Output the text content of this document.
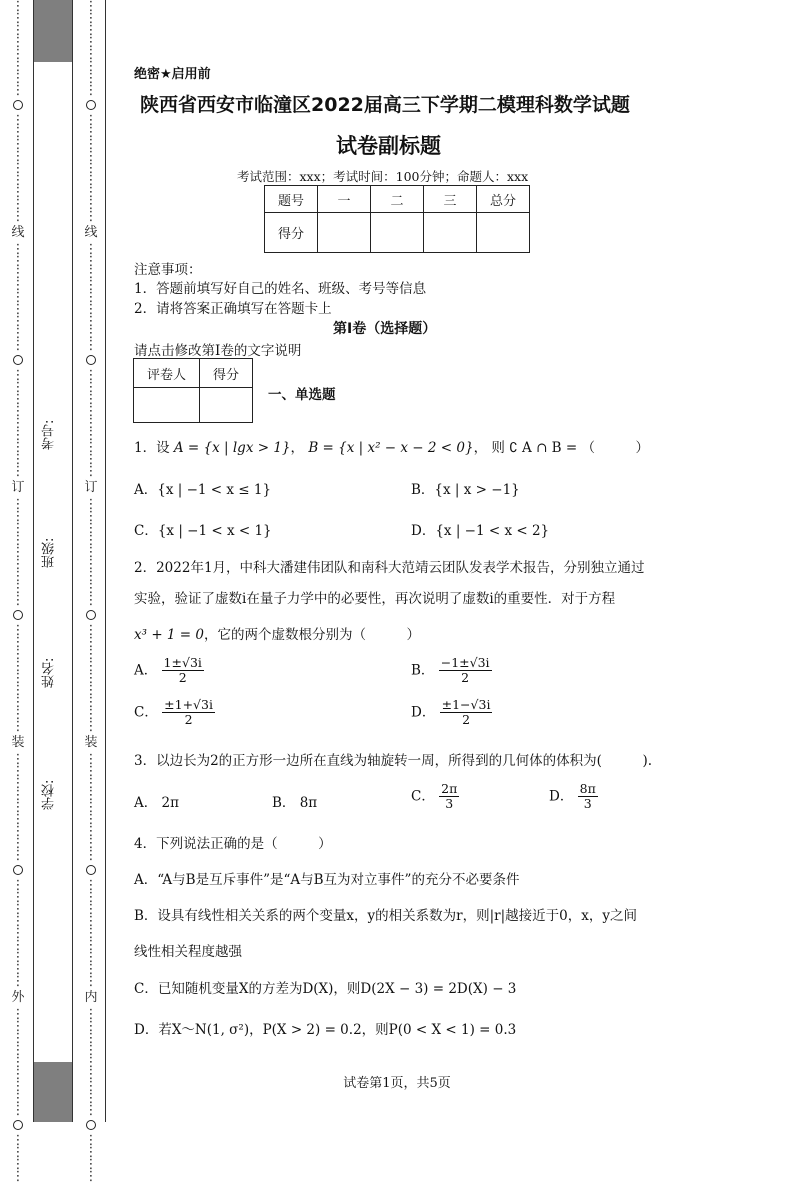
⋮
⋮
⋮
⋮
⋮
⋮
⋮
⋮
⋮
⋮
⋮
⋮
⋮
⋮
⋮
⋮
⋮
线
⋮
⋮
⋮
⋮
⋮
⋮
⋮
⋮
⋮
⋮
⋮
⋮
⋮
⋮
⋮
⋮
⋮
⋮
订
⋮
⋮
⋮
⋮
⋮
⋮
⋮
⋮
⋮
⋮
⋮
⋮
⋮
⋮
⋮
⋮
⋮
⋮
装
⋮
⋮
⋮
⋮
⋮
⋮
⋮
⋮
⋮
⋮
⋮
⋮
⋮
⋮
⋮
⋮
⋮
⋮
外
⋮
⋮
⋮
⋮
⋮
⋮
⋮
⋮
⋮
⋮
⋮
⋮
⋮
⋮
⋮
⋮
⋮
⋮
⋮
⋮
⋮
⋮
⋮
⋮
⋮
⋮
⋮
⋮
⋮
⋮
线
⋮
⋮
⋮
⋮
⋮
⋮
⋮
⋮
⋮
⋮
⋮
⋮
⋮
⋮
⋮
⋮
⋮
⋮
订
⋮
⋮
⋮
⋮
⋮
⋮
⋮
⋮
⋮
⋮
⋮
⋮
⋮
⋮
⋮
⋮
⋮
⋮
装
⋮
⋮
⋮
⋮
⋮
⋮
⋮
⋮
⋮
⋮
⋮
⋮
⋮
⋮
⋮
⋮
⋮
⋮
内
⋮
⋮
⋮
⋮
⋮
⋮
⋮
⋮
⋮
⋮
⋮
⋮
⋮
考号:
班级:
姓名:
学校:
绝密★启用前
陕西省西安市临潼区2022届高三下学期二模理科数学试题
试卷副标题
考试范围：xxx；考试时间：100分钟；命题人：xxx
题号	一	二	三	总分
得分				
注意事项：
1．答题前填写好自己的姓名、班级、考号等信息
2．请将答案正确填写在答题卡上
第I卷（选择题）
请点击修改第I卷的文字说明
评卷人	得分

一、单选题
1．设 A = {x | lgx > 1}， B = {x | x² − x − 2 < 0}， 则 ∁ A ∩ B = （　　　）
A．{x | −1 < x ≤ 1}	B．{x | x > −1}
C．{x | −1 < x < 1}	D．{x | −1 < x < 2}
2．2022年1月，中科大潘建伟团队和南科大范靖云团队发表学术报告，分别独立通过
实验，验证了虚数i在量子力学中的必要性，再次说明了虚数i的重要性．对于方程
x³ + 1 = 0，它的两个虚数根分别为（　　　）
A． $\frac{1\pm√3i}{2}$	B． $\frac{-1\pm√3i}{2}$
C． $\frac{\pm 1+√3i}{2}$	D． $\frac{\pm 1-√3i}{2}$
3．以边长为2的正方形一边所在直线为轴旋转一周，所得到的几何体的体积为(　　　).
A． 2π	B． 8π	C． $\frac{2\pi}{3}$	D． $\frac{8\pi}{3}$
4．下列说法正确的是（　　　）
A．“A与B是互斥事件”是“A与B互为对立事件”的充分不必要条件
B．设具有线性相关关系的两个变量x，y的相关系数为r，则|r|越接近于0，x，y之间
线性相关程度越强
C．已知随机变量X的方差为D(X)，则D(2X − 3) = 2D(X) − 3
D．若X～N(1, σ²)，P(X > 2) = 0.2，则P(0 < X < 1) = 0.3
试卷第1页，共5页
